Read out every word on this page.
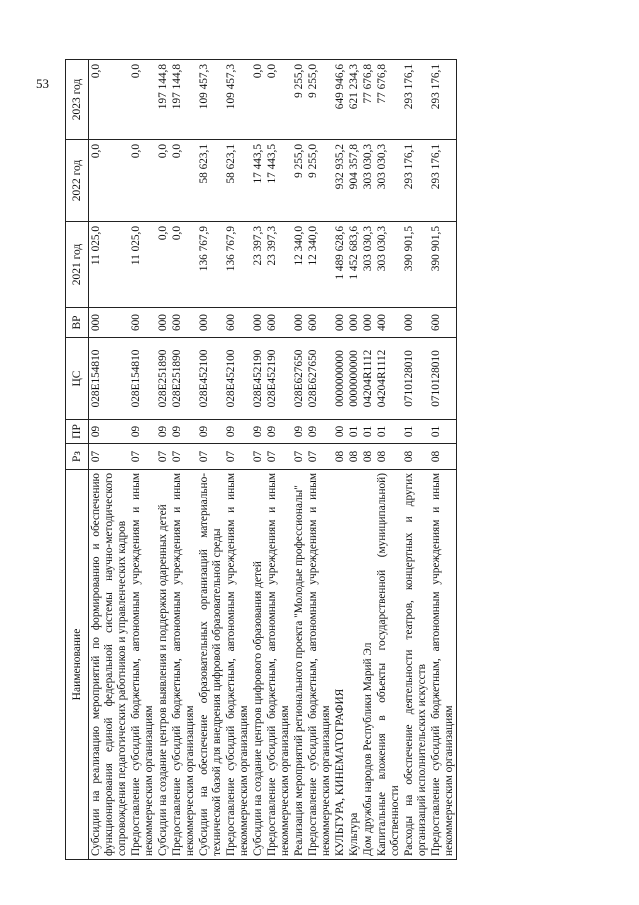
53
Наименование	Рз	ПР	ЦС	ВР	2021 год	2022 год	2023 год
Субсидии на реализацию мероприятий по формированию и обеспечению функционирования единой федеральной системы научно-методического сопровождения педагогических работников и управленческих кадров	07	09	028E154810	000	11 025,0	0,0	0,0
Предоставление субсидий бюджетным, автономным учреждениям и иным некоммерческим организациям	07	09	028E154810	600	11 025,0	0,0	0,0
Субсидии на создание центров выявления и поддержки одаренных детей	07	09	028E251890	000	0,0	0,0	197 144,8
Предоставление субсидий бюджетным, автономным учреждениям и иным некоммерческим организациям	07	09	028E251890	600	0,0	0,0	197 144,8
Субсидии на обеспечение образовательных организаций материально-технической базой для внедрения цифровой образовательной среды	07	09	028E452100	000	136 767,9	58 623,1	109 457,3
Предоставление субсидий бюджетным, автономным учреждениям и иным некоммерческим организациям	07	09	028E452100	600	136 767,9	58 623,1	109 457,3
Субсидии на создание центров цифрового образования детей	07	09	028E452190	000	23 397,3	17 443,5	0,0
Предоставление субсидий бюджетным, автономным учреждениям и иным некоммерческим организациям	07	09	028E452190	600	23 397,3	17 443,5	0,0
Реализация мероприятий регионального проекта "Молодые профессионалы"	07	09	028E627650	000	12 340,0	9 255,0	9 255,0
Предоставление субсидий бюджетным, автономным учреждениям и иным некоммерческим организациям	07	09	028E627650	600	12 340,0	9 255,0	9 255,0
КУЛЬТУРА, КИНЕМАТОГРАФИЯ	08	00	0000000000	000	1 489 628,6	932 935,2	649 946,6
Культура	08	01	0000000000	000	1 452 683,6	904 357,8	621 234,3
Дом дружбы народов Республики Марий Эл	08	01	04204R1112	000	303 030,3	303 030,3	77 676,8
Капитальные вложения в объекты государственной (муниципальной) собственности	08	01	04204R1112	400	303 030,3	303 030,3	77 676,8
Расходы на обеспечение деятельности театров, концертных и других организаций исполнительских искусств	08	01	0710128010	000	390 901,5	293 176,1	293 176,1
Предоставление субсидий бюджетным, автономным учреждениям и иным некоммерческим организациям	08	01	0710128010	600	390 901,5	293 176,1	293 176,1
